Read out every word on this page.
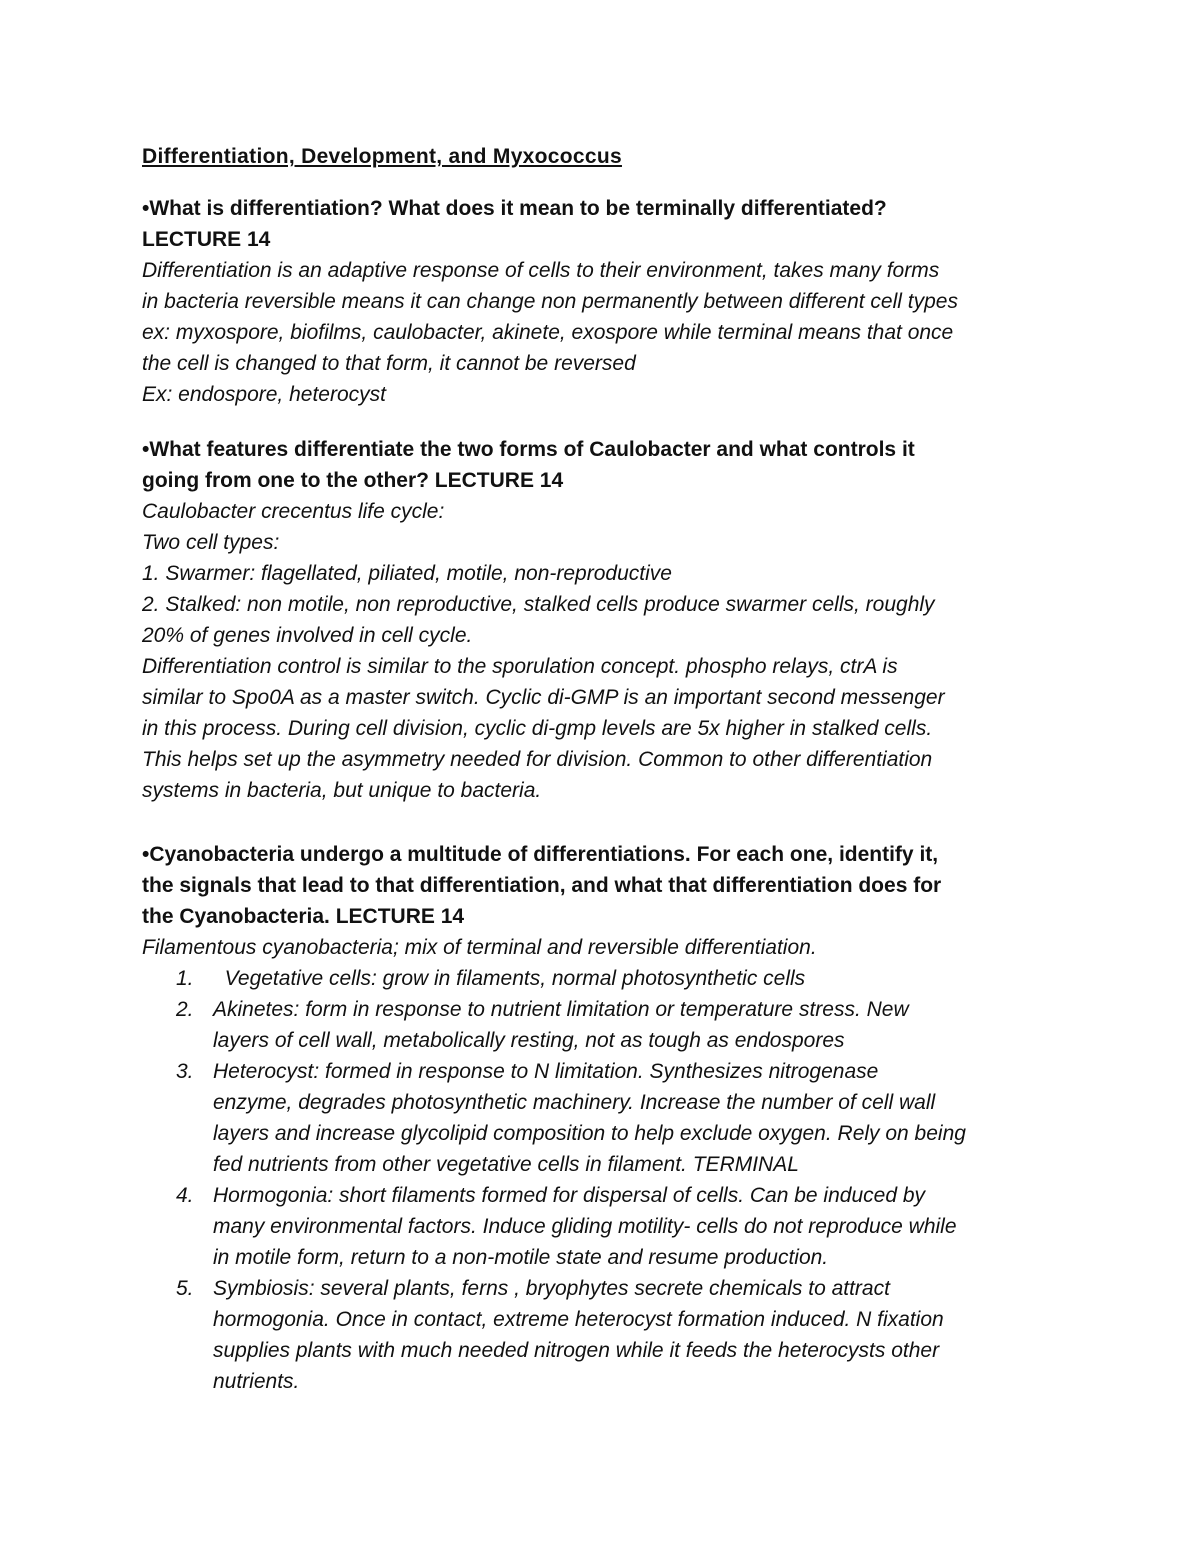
Differentiation, Development, and Myxococcus

•What is differentiation? What does it mean to be terminally differentiated?
LECTURE 14

Differentiation is an adaptive response of cells to their environment, takes many forms
in bacteria reversible means it can change non permanently between different cell types
ex: myxospore, biofilms, caulobacter, akinete, exospore while terminal means that once
the cell is changed to that form, it cannot be reversed
Ex: endospore, heterocyst

•What features differentiate the two forms of Caulobacter and what controls it
going from one to the other? LECTURE 14

Caulobacter crecentus life cycle:
Two cell types:
1. Swarmer: flagellated, piliated, motile, non-reproductive
2. Stalked: non motile, non reproductive, stalked cells produce swarmer cells, roughly
20% of genes involved in cell cycle.
Differentiation control is similar to the sporulation concept. phospho relays, ctrA is
similar to Spo0A as a master switch. Cyclic di-GMP is an important second messenger
in this process. During cell division, cyclic di-gmp levels are 5x higher in stalked cells.
This helps set up the asymmetry needed for division. Common to other differentiation
systems in bacteria, but unique to bacteria.

•Cyanobacteria undergo a multitude of differentiations. For each one, identify it,
the signals that lead to that differentiation, and what that differentiation does for
the Cyanobacteria. LECTURE 14

Filamentous cyanobacteria; mix of terminal and reversible differentiation.

1. Vegetative cells: grow in filaments, normal photosynthetic cells
2. Akinetes: form in response to nutrient limitation or temperature stress. New
layers of cell wall, metabolically resting, not as tough as endospores
3. Heterocyst: formed in response to N limitation. Synthesizes nitrogenase
enzyme, degrades photosynthetic machinery. Increase the number of cell wall
layers and increase glycolipid composition to help exclude oxygen. Rely on being
fed nutrients from other vegetative cells in filament. TERMINAL
4. Hormogonia: short filaments formed for dispersal of cells. Can be induced by
many environmental factors. Induce gliding motility- cells do not reproduce while
in motile form, return to a non-motile state and resume production.
5. Symbiosis: several plants, ferns , bryophytes secrete chemicals to attract
hormogonia. Once in contact, extreme heterocyst formation induced. N fixation
supplies plants with much needed nitrogen while it feeds the heterocysts other
nutrients.
